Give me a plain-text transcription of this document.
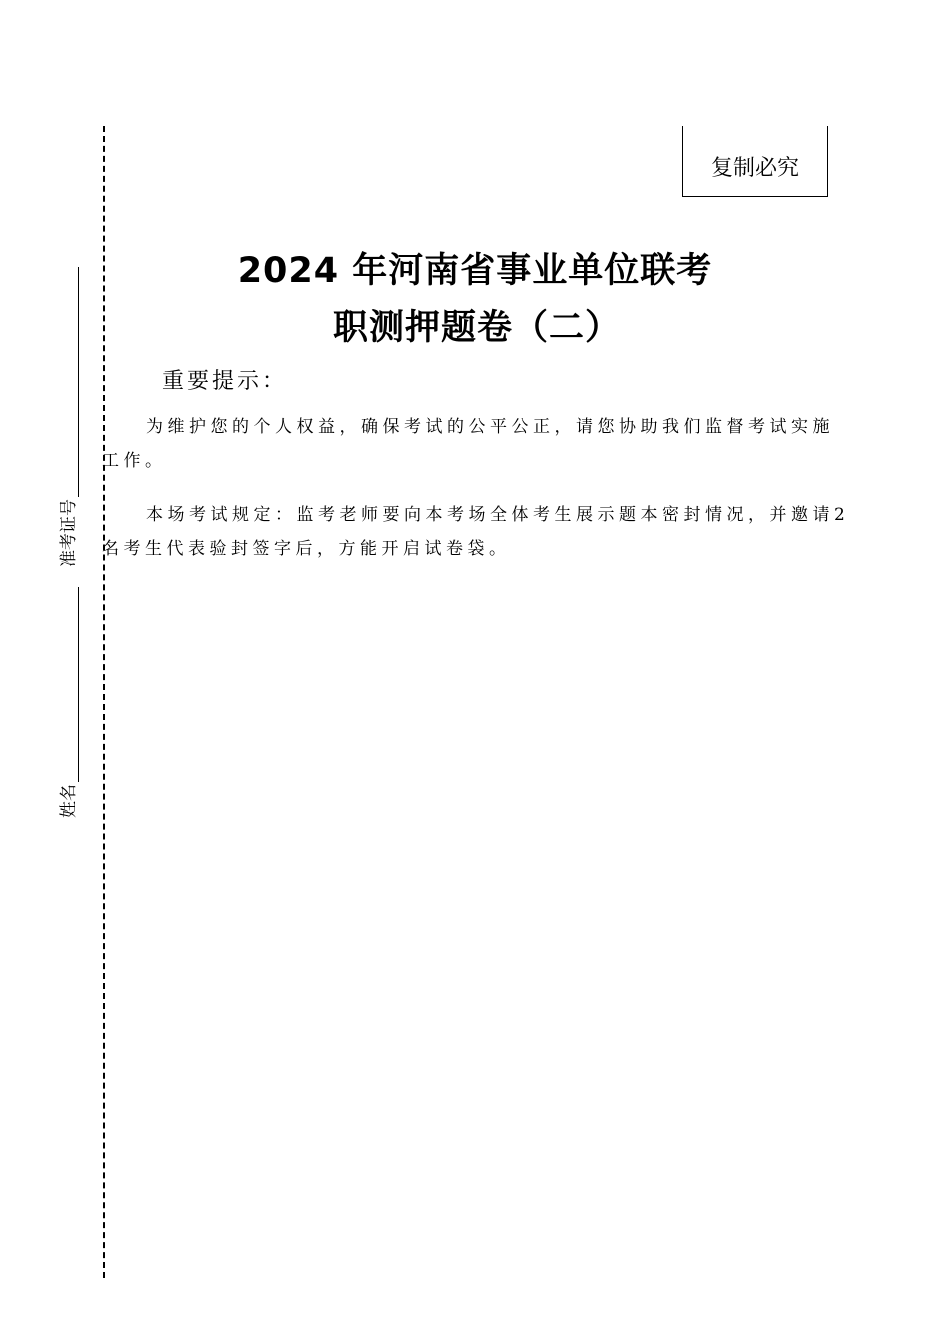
准考证号
姓名
复制必究
2024 年河南省事业单位联考
职测押题卷（二）
重要提示：

为维护您的个人权益，确保考试的公平公正，请您协助我们监督考试实施工作。

本场考试规定：监考老师要向本考场全体考生展示题本密封情况，并邀请2名考生代表验封签字后，方能开启试卷袋。
